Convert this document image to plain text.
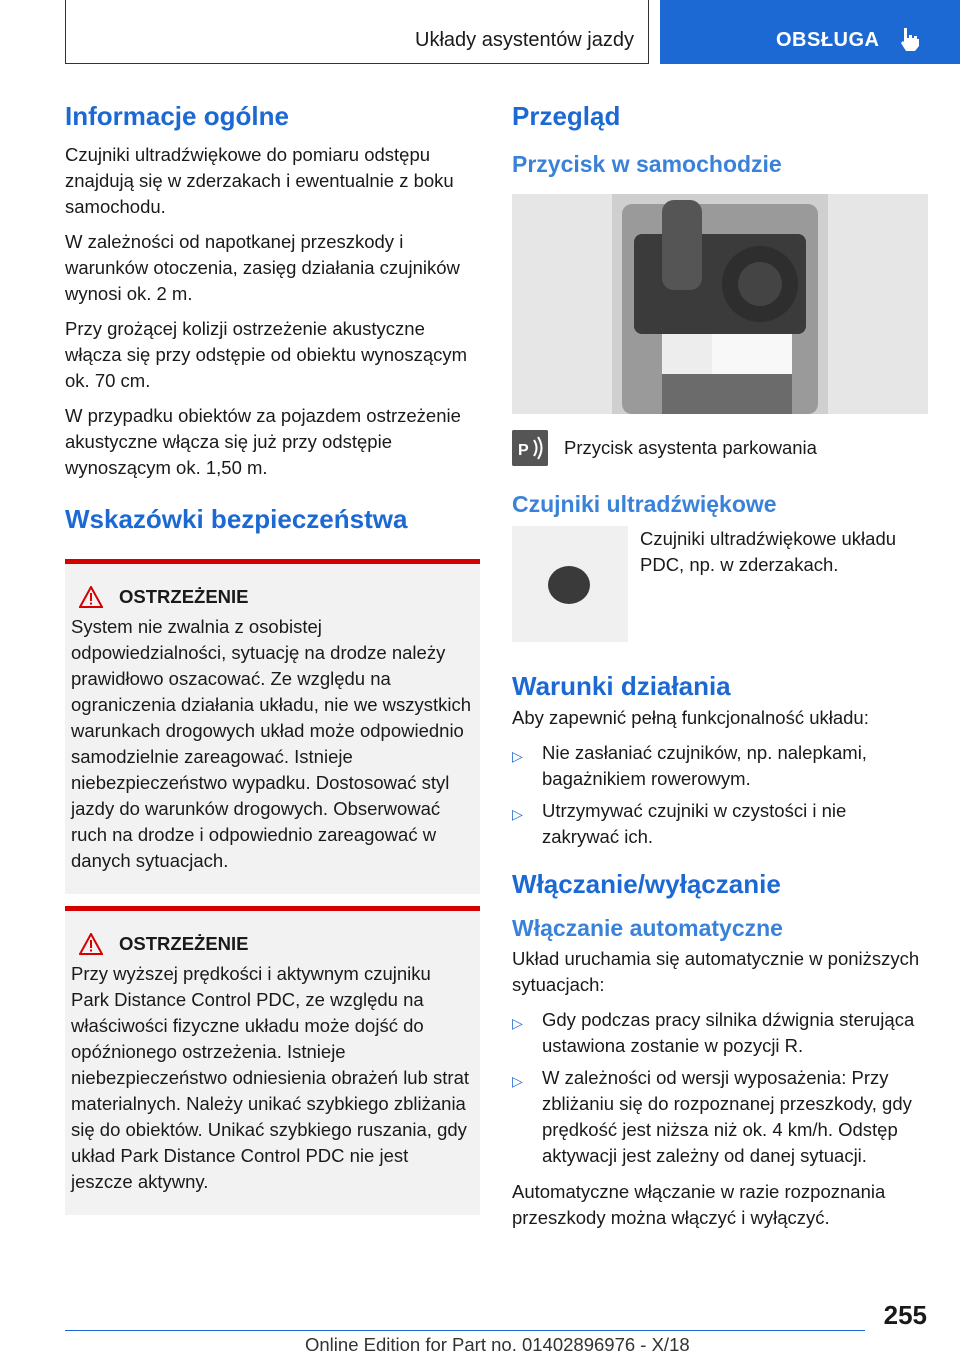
Układy asystentów jazdy	OBSŁUGA
Informacje ogólne

Czujniki ultradźwiękowe do pomiaru odstępu znajdują się w zderzakach i ewentualnie z boku samochodu.

W zależności od napotkanej przeszkody i warunków otoczenia, zasięg działania czujników wynosi ok. 2 m.

Przy grożącej kolizji ostrzeżenie akustyczne włącza się przy odstępie od obiektu wynoszącym ok. 70 cm.

W przypadku obiektów za pojazdem ostrzeżenie akustyczne włącza się już przy odstępie wynoszącym ok. 1,50 m.

Wskazówki bezpieczeństwa
OSTRZEŻENIE

System nie zwalnia z osobistej odpowiedzialności, sytuację na drodze należy prawidłowo oszacować. Ze względu na ograniczenia działania układu, nie we wszystkich warunkach drogowych układ może odpowiednio samodzielnie zareagować. Istnieje niebezpieczeństwo wypadku. Dostosować styl jazdy do warunków drogowych. Obserwować ruch na drodze i odpowiednio zareagować w danych sytuacjach.

OSTRZEŻENIE

Przy wyższej prędkości i aktywnym czujniku Park Distance Control PDC, ze względu na właściwości fizyczne układu może dojść do opóźnionego ostrzeżenia. Istnieje niebezpieczeństwo odniesienia obrażeń lub strat materialnych. Należy unikać szybkiego zbliżania się do obiektów. Unikać szybkiego ruszania, gdy układ Park Distance Control PDC nie jest jeszcze aktywny.

Przegląd
Przycisk w samochodzie
P Przycisk asystenta parkowania

Czujniki ultradźwiękowe

Czujniki ultradźwiękowe układu PDC, np. w zderzakach.

Warunki działania

Aby zapewnić pełną funkcjonalność układu:

▷	Nie zasłaniać czujników, np. nalepkami, bagażnikiem rowerowym.
▷	Utrzymywać czujniki w czystości i nie zakrywać ich.
Włączanie/wyłączanie
Włączanie automatyczne

Układ uruchamia się automatycznie w poniższych sytuacjach:

▷	Gdy podczas pracy silnika dźwignia sterująca ustawiona zostanie w pozycji R.
▷	W zależności od wersji wyposażenia: Przy zbliżaniu się do rozpoznanej przeszkody, gdy prędkość jest niższa niż ok. 4 km/h. Odstęp aktywacji jest zależny od danej sytuacji.

Automatyczne włączanie w razie rozpoznania przeszkody można włączyć i wyłączyć.

255
Online Edition for Part no. 01402896976 - X/18
